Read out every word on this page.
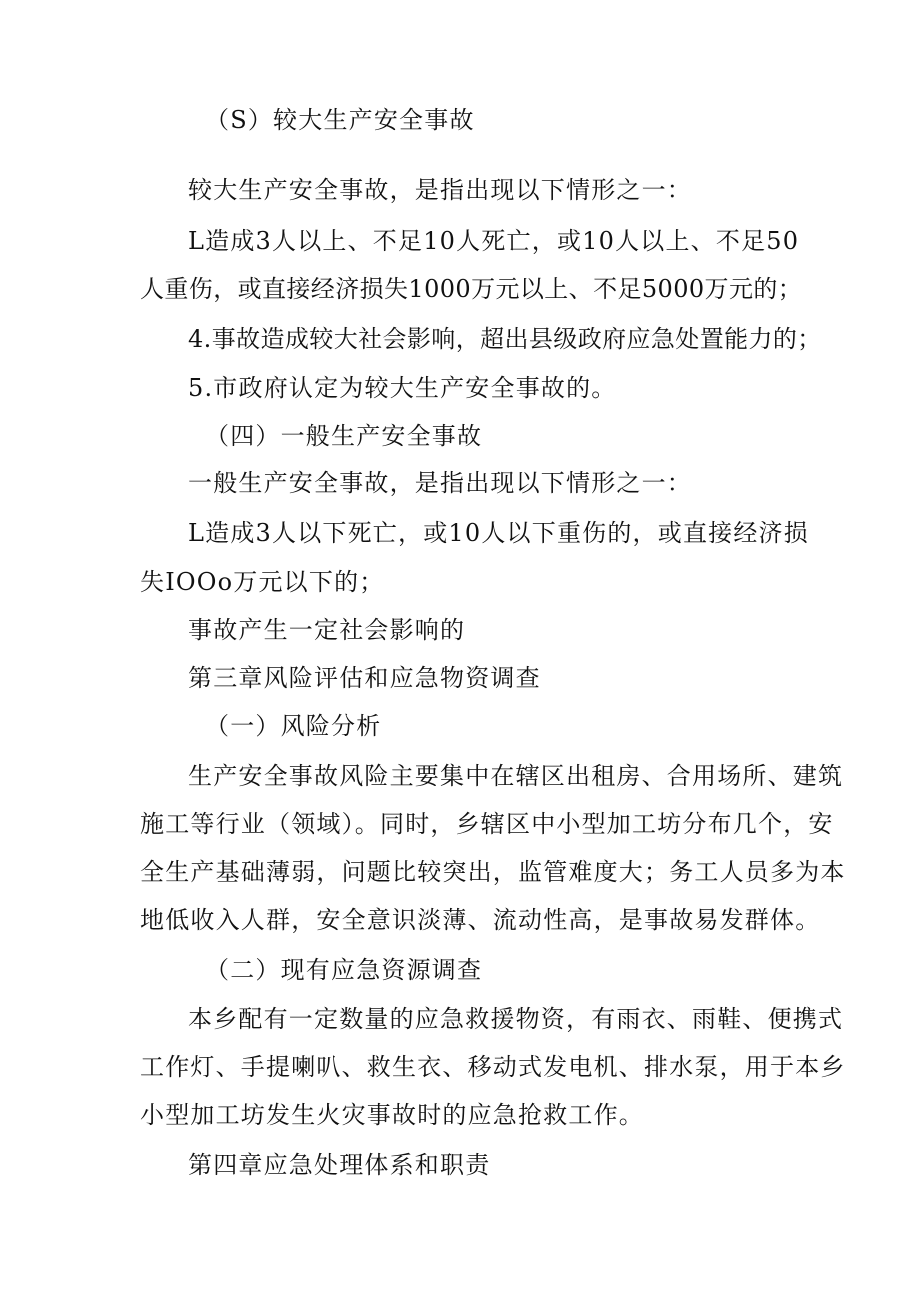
（S）较大生产安全事故
较大生产安全事故，是指出现以下情形之一：
L造成3人以上、不足10人死亡，或10人以上、不足50
人重伤，或直接经济损失1000万元以上、不足5000万元的；
4.事故造成较大社会影响，超出县级政府应急处置能力的；
5.市政府认定为较大生产安全事故的。
（四）一般生产安全事故
一般生产安全事故，是指出现以下情形之一：
L造成3人以下死亡，或10人以下重伤的，或直接经济损
失IOOo万元以下的；
事故产生一定社会影响的
第三章风险评估和应急物资调查
（一）风险分析
生产安全事故风险主要集中在辖区出租房、合用场所、建筑
施工等行业（领域）。同时，乡辖区中小型加工坊分布几个，安
全生产基础薄弱，问题比较突出，监管难度大；务工人员多为本
地低收入人群，安全意识淡薄、流动性高，是事故易发群体。
（二）现有应急资源调查
本乡配有一定数量的应急救援物资，有雨衣、雨鞋、便携式
工作灯、手提喇叭、救生衣、移动式发电机、排水泵，用于本乡
小型加工坊发生火灾事故时的应急抢救工作。
第四章应急处理体系和职责
